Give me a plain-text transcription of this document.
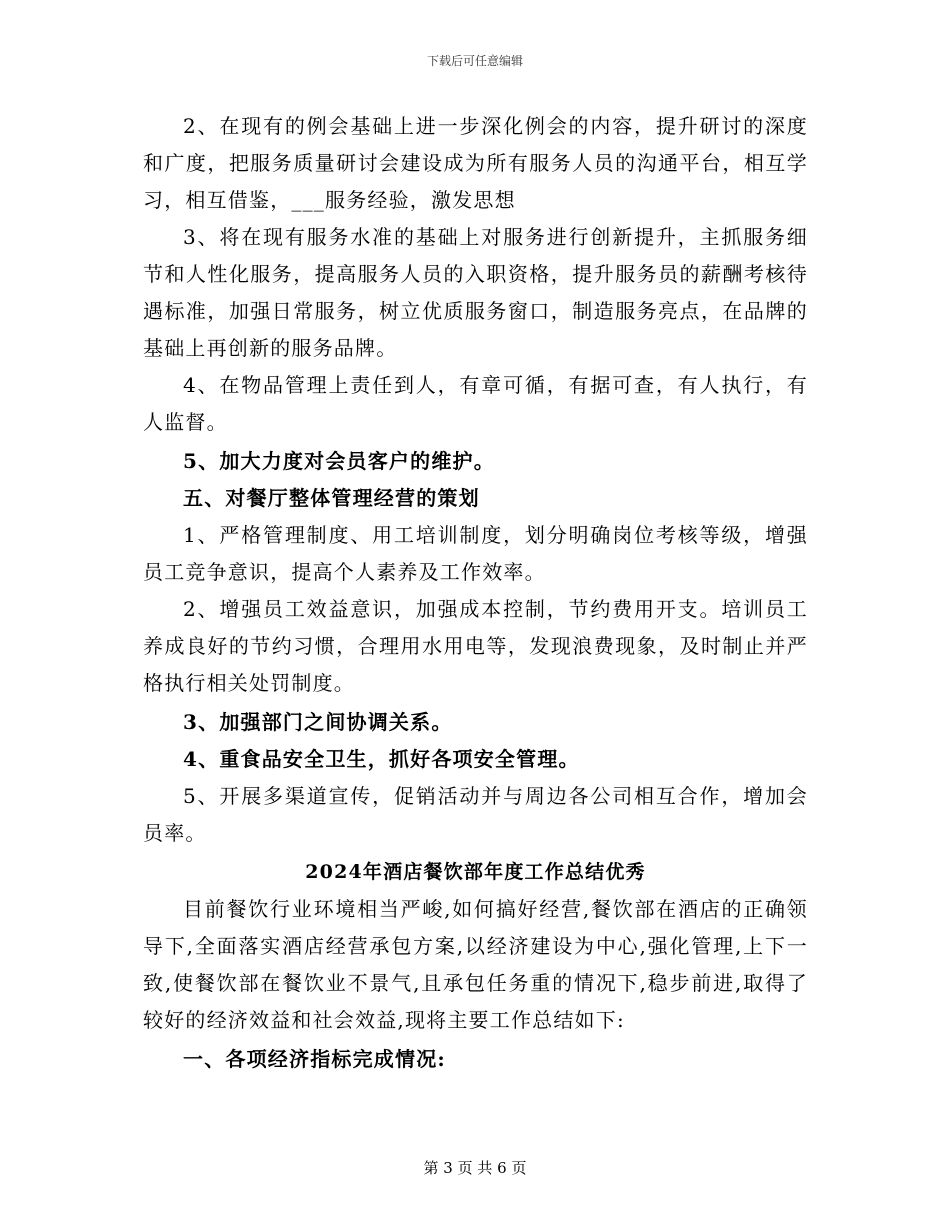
下载后可任意编辑

2、在现有的例会基础上进一步深化例会的内容，提升研讨的深度和广度，把服务质量研讨会建设成为所有服务人员的沟通平台，相互学习，相互借鉴，___服务经验，激发思想

3、将在现有服务水准的基础上对服务进行创新提升，主抓服务细节和人性化服务，提高服务人员的入职资格，提升服务员的薪酬考核待遇标准，加强日常服务，树立优质服务窗口，制造服务亮点，在品牌的基础上再创新的服务品牌。

4、在物品管理上责任到人，有章可循，有据可查，有人执行，有人监督。

5、加大力度对会员客户的维护。

五、对餐厅整体管理经营的策划

1、严格管理制度、用工培训制度，划分明确岗位考核等级，增强员工竞争意识，提高个人素养及工作效率。

2、增强员工效益意识，加强成本控制，节约费用开支。培训员工养成良好的节约习惯，合理用水用电等，发现浪费现象，及时制止并严格执行相关处罚制度。

3、加强部门之间协调关系。

4、重食品安全卫生，抓好各项安全管理。

5、开展多渠道宣传，促销活动并与周边各公司相互合作，增加会员率。

2024年酒店餐饮部年度工作总结优秀

目前餐饮行业环境相当严峻,如何搞好经营,餐饮部在酒店的正确领导下,全面落实酒店经营承包方案,以经济建设为中心,强化管理,上下一致,使餐饮部在餐饮业不景气,且承包任务重的情况下,稳步前进,取得了较好的经济效益和社会效益,现将主要工作总结如下:

一、各项经济指标完成情况:

第 3 页 共 6 页
